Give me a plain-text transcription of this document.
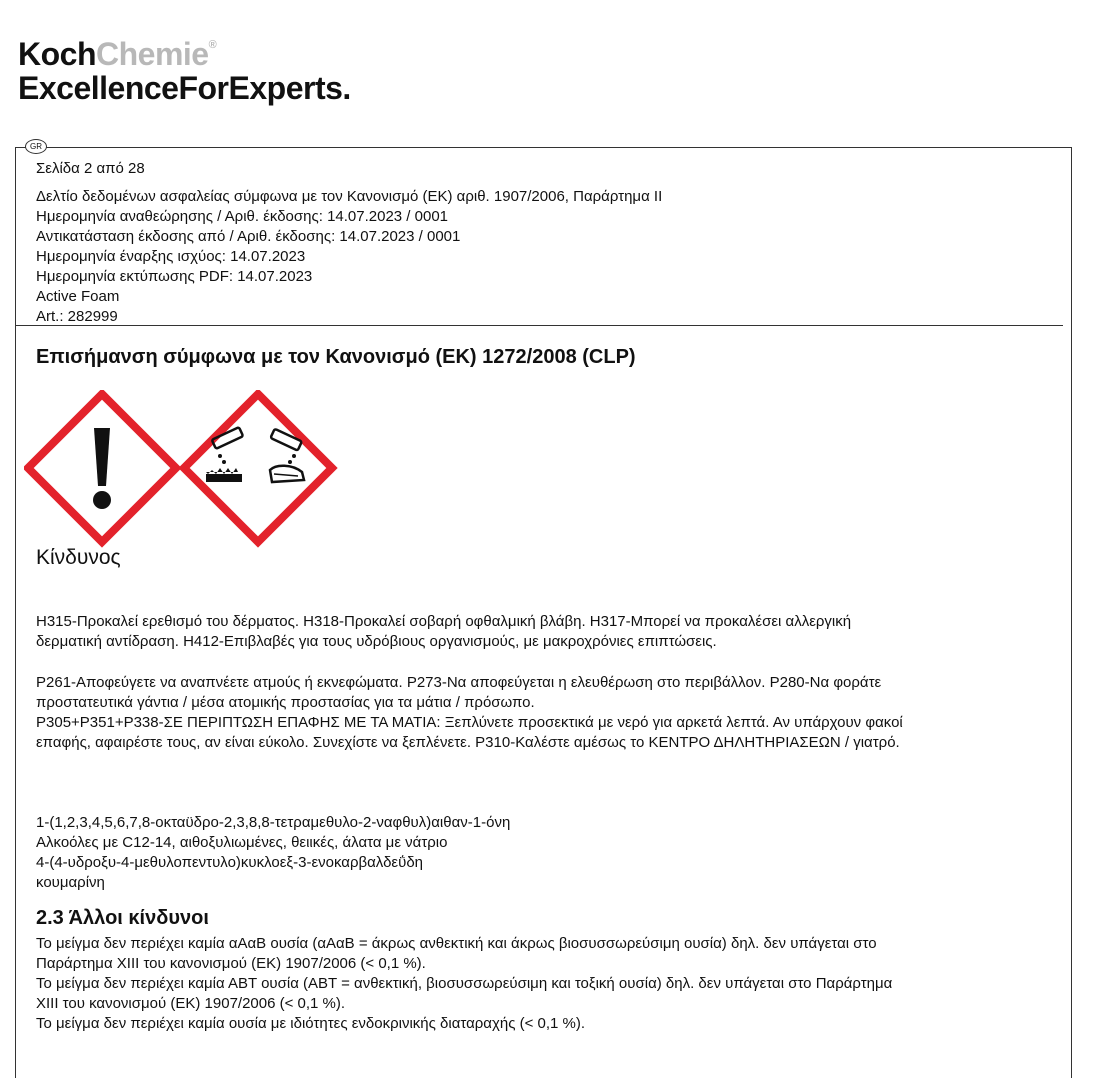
KochChemie®
ExcellenceForExperts.
GR
Σελίδα 2 από 28
Δελτίο δεδομένων ασφαλείας σύμφωνα με τον Κανονισμό (ΕΚ) αριθ. 1907/2006, Παράρτημα II
Ημερομηνία αναθεώρησης / Αριθ. έκδοσης: 14.07.2023 / 0001
Αντικατάσταση έκδοσης από / Αριθ. έκδοσης: 14.07.2023 / 0001
Ημερομηνία έναρξης ισχύος: 14.07.2023
Ημερομηνία εκτύπωσης PDF: 14.07.2023
Active Foam
Art.: 282999
Επισήμανση σύμφωνα με τον Κανονισμό (ΕΚ) 1272/2008 (CLP)
Κίνδυνος
H315-Προκαλεί ερεθισμό του δέρματος. H318-Προκαλεί σοβαρή οφθαλμική βλάβη. H317-Μπορεί να προκαλέσει αλλεργική
δερματική αντίδραση. H412-Επιβλαβές για τους υδρόβιους οργανισμούς, με μακροχρόνιες επιπτώσεις.
P261-Αποφεύγετε να αναπνέετε ατμούς ή εκνεφώματα. P273-Να αποφεύγεται η ελευθέρωση στο περιβάλλον. P280-Να φοράτε
προστατευτικά γάντια / μέσα ατομικής προστασίας για τα μάτια / πρόσωπο.
P305+P351+P338-ΣΕ ΠΕΡΙΠΤΩΣΗ ΕΠΑΦΗΣ ΜΕ ΤΑ ΜΑΤΙΑ: Ξεπλύνετε προσεκτικά με νερό για αρκετά λεπτά. Αν υπάρχουν φακοί
επαφής, αφαιρέστε τους, αν είναι εύκολο. Συνεχίστε να ξεπλένετε. P310-Καλέστε αμέσως το ΚΕΝΤΡΟ ΔΗΛΗΤΗΡΙΑΣΕΩΝ / γιατρό.
1-(1,2,3,4,5,6,7,8-οκταϋδρο-2,3,8,8-τετραμεθυλο-2-ναφθυλ)αιθαν-1-όνη
Αλκοόλες με C12-14, αιθοξυλιωμένες, θειικές, άλατα με νάτριο
4-(4-υδροξυ-4-μεθυλοπεντυλο)κυκλοεξ-3-ενοκαρβαλδεΰδη
κουμαρίνη
2.3 Άλλοι κίνδυνοι
Το μείγμα δεν περιέχει καμία αΑαΒ ουσία (αΑαΒ = άκρως ανθεκτική και άκρως βιοσυσσωρεύσιμη ουσία) δηλ. δεν υπάγεται στο
Παράρτημα XIII του κανονισμού (ΕΚ) 1907/2006 (< 0,1 %).
Το μείγμα δεν περιέχει καμία ΑΒΤ ουσία (ΑΒΤ = ανθεκτική, βιοσυσσωρεύσιμη και τοξική ουσία) δηλ. δεν υπάγεται στο Παράρτημα
XIII του κανονισμού (ΕΚ) 1907/2006 (< 0,1 %).
Το μείγμα δεν περιέχει καμία ουσία με ιδιότητες ενδοκρινικής διαταραχής (< 0,1 %).
